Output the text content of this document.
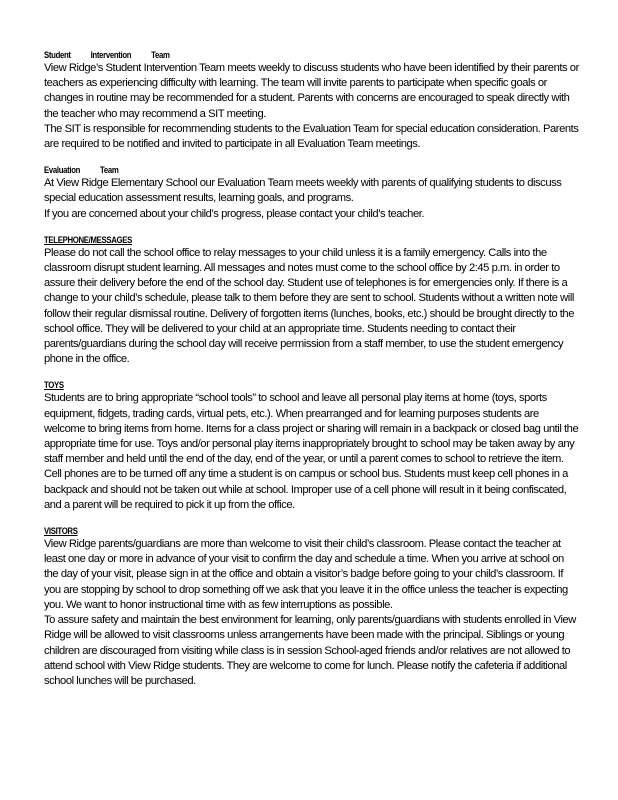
Student Intervention Team

View Ridge’s Student Intervention Team meets weekly to discuss students who have been identified by their parents or teachers as experiencing difficulty with learning. The team will invite parents to participate when specific goals or changes in routine may be recommended for a student. Parents with concerns are encouraged to speak directly with the teacher who may recommend a SIT meeting.

The SIT is responsible for recommending students to the Evaluation Team for special education consideration. Parents are required to be notified and invited to participate in all Evaluation Team meetings.

Evaluation Team

At View Ridge Elementary School our Evaluation Team meets weekly with parents of qualifying students to discuss special education assessment results, learning goals, and programs.

If you are concerned about your child’s progress, please contact your child’s teacher.

TELEPHONE/MESSAGES

Please do not call the school office to relay messages to your child unless it is a family emergency. Calls into the classroom disrupt student learning. All messages and notes must come to the school office by 2:45 p.m. in order to assure their delivery before the end of the school day. Student use of telephones is for emergencies only. If there is a change to your child’s schedule, please talk to them before they are sent to school. Students without a written note will follow their regular dismissal routine. Delivery of forgotten items (lunches, books, etc.) should be brought directly to the school office. They will be delivered to your child at an appropriate time. Students needing to contact their parents/guardians during the school day will receive permission from a staff member, to use the student emergency phone in the office.

TOYS

Students are to bring appropriate “school tools” to school and leave all personal play items at home (toys, sports equipment, fidgets, trading cards, virtual pets, etc.). When prearranged and for learning purposes students are welcome to bring items from home. Items for a class project or sharing will remain in a backpack or closed bag until the appropriate time for use. Toys and/or personal play items inappropriately brought to school may be taken away by any staff member and held until the end of the day, end of the year, or until a parent comes to school to retrieve the item. Cell phones are to be turned off any time a student is on campus or school bus. Students must keep cell phones in a backpack and should not be taken out while at school. Improper use of a cell phone will result in it being confiscated, and a parent will be required to pick it up from the office.

VISITORS

View Ridge parents/guardians are more than welcome to visit their child’s classroom. Please contact the teacher at least one day or more in advance of your visit to confirm the day and schedule a time. When you arrive at school on the day of your visit, please sign in at the office and obtain a visitor’s badge before going to your child’s classroom. If you are stopping by school to drop something off we ask that you leave it in the office unless the teacher is expecting you. We want to honor instructional time with as few interruptions as possible.

To assure safety and maintain the best environment for learning, only parents/guardians with students enrolled in View Ridge will be allowed to visit classrooms unless arrangements have been made with the principal. Siblings or young children are discouraged from visiting while class is in session School-aged friends and/or relatives are not allowed to attend school with View Ridge students. They are welcome to come for lunch. Please notify the cafeteria if additional school lunches will be purchased.
